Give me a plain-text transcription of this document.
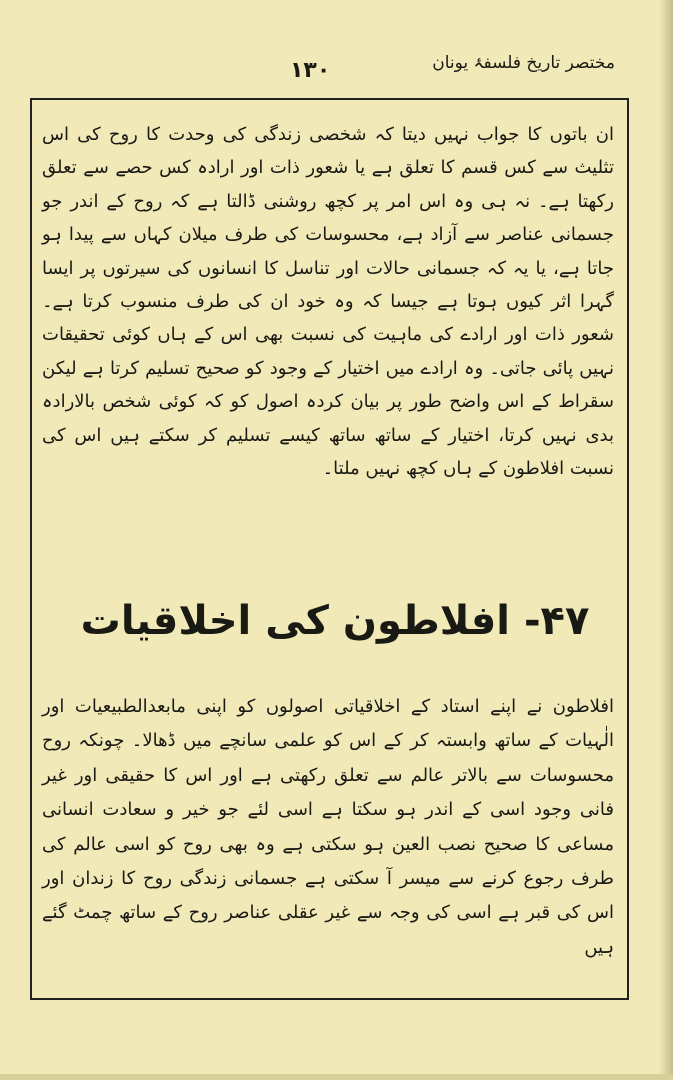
مختصر تاریخ فلسفۂ یونان
١٣٠

ان باتوں کا جواب نہیں دیتا کہ شخصی زندگی کی وحدت کا روح کی اس تثلیث سے کس قسم کا تعلق ہے یا شعور ذات اور ارادہ کس حصے سے تعلق رکھتا ہے۔ نہ ہی وہ اس امر پر کچھ روشنی ڈالتا ہے کہ روح کے اندر جو جسمانی عناصر سے آزاد ہے، محسوسات کی طرف میلان کہاں سے پیدا ہو جاتا ہے، یا یہ کہ جسمانی حالات اور تناسل کا انسانوں کی سیرتوں پر ایسا گہرا اثر کیوں ہوتا ہے جیسا کہ وہ خود ان کی طرف منسوب کرتا ہے۔ شعور ذات اور ارادے کی ماہیت کی نسبت بھی اس کے ہاں کوئی تحقیقات نہیں پائی جاتی۔ وہ ارادے میں اختیار کے وجود کو صحیح تسلیم کرتا ہے لیکن سقراط کے اس واضح طور پر بیان کردہ اصول کو کہ کوئی شخص بالارادہ بدی نہیں کرتا، اختیار کے ساتھ ساتھ کیسے تسلیم کر سکتے ہیں اس کی نسبت افلاطون کے ہاں کچھ نہیں ملتا۔

۴۷- افلاطون کی اخلاقیات

افلاطون نے اپنے استاد کے اخلاقیاتی اصولوں کو اپنی مابعدالطبیعیات اور الٰہیات کے ساتھ وابستہ کر کے اس کو علمی سانچے میں ڈھالا۔ چونکہ روح محسوسات سے بالاتر عالم سے تعلق رکھتی ہے اور اس کا حقیقی اور غیر فانی وجود اسی کے اندر ہو سکتا ہے اسی لئے جو خیر و سعادت انسانی مساعی کا صحیح نصب العین ہو سکتی ہے وہ بھی روح کو اسی عالم کی طرف رجوع کرنے سے میسر آ سکتی ہے جسمانی زندگی روح کا زندان اور اس کی قبر ہے اسی کی وجہ سے غیر عقلی عناصر روح کے ساتھ چمٹ گئے ہیں
